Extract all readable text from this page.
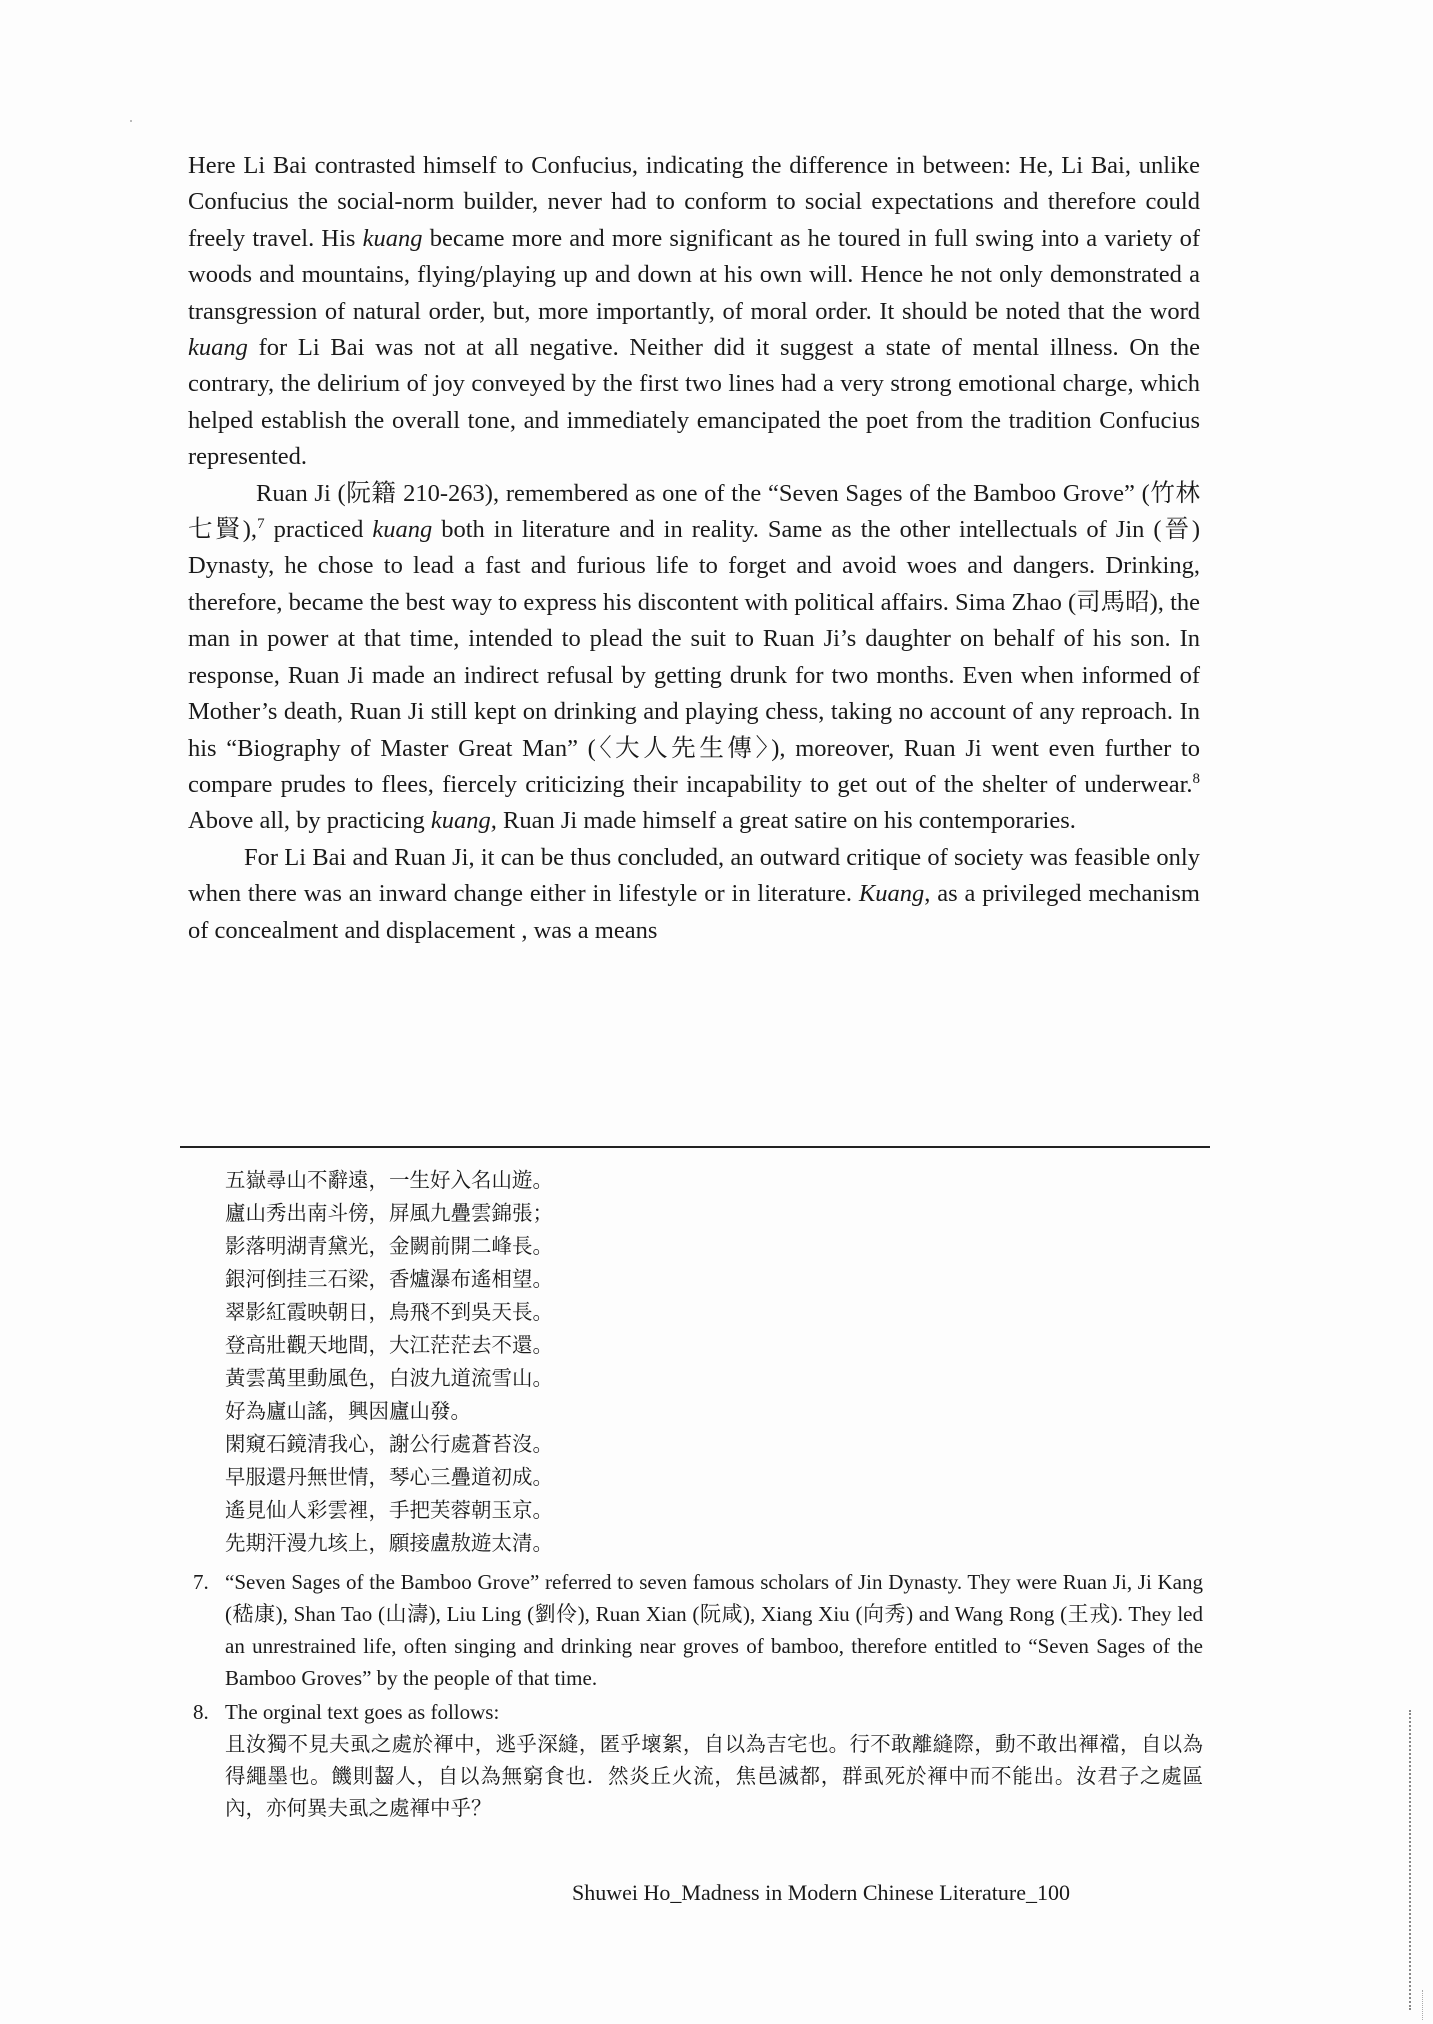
Here Li Bai contrasted himself to Confucius, indicating the difference in between: He, Li Bai, unlike Confucius the social-norm builder, never had to conform to social expectations and therefore could freely travel. His kuang became more and more significant as he toured in full swing into a variety of woods and mountains, flying/playing up and down at his own will. Hence he not only demonstrated a transgression of natural order, but, more importantly, of moral order. It should be noted that the word kuang for Li Bai was not at all negative. Neither did it suggest a state of mental illness. On the contrary, the delirium of joy conveyed by the first two lines had a very strong emotional charge, which helped establish the overall tone, and immediately emancipated the poet from the tradition Confucius represented.

Ruan Ji (阮籍 210-263), remembered as one of the “Seven Sages of the Bamboo Grove” (竹林七賢),$^7$ practiced kuang both in literature and in reality. Same as the other intellectuals of Jin (晉) Dynasty, he chose to lead a fast and furious life to forget and avoid woes and dangers. Drinking, therefore, became the best way to express his discontent with political affairs. Sima Zhao (司馬昭), the man in power at that time, intended to plead the suit to Ruan Ji’s daughter on behalf of his son. In response, Ruan Ji made an indirect refusal by getting drunk for two months. Even when informed of Mother’s death, Ruan Ji still kept on drinking and playing chess, taking no account of any reproach. In his “Biography of Master Great Man” (〈大人先生傳〉), moreover, Ruan Ji went even further to compare prudes to flees, fiercely criticizing their incapability to get out of the shelter of underwear.$^8$ Above all, by practicing kuang, Ruan Ji made himself a great satire on his contemporaries.

For Li Bai and Ruan Ji, it can be thus concluded, an outward critique of society was feasible only when there was an inward change either in lifestyle or in literature. Kuang, as a privileged mechanism of concealment and displacement , was a means

五嶽尋山不辭遠，一生好入名山遊。
廬山秀出南斗傍，屏風九疊雲錦張；
影落明湖青黛光，金闕前開二峰長。
銀河倒挂三石梁，香爐瀑布遙相望。
翠影紅霞映朝日，鳥飛不到吳天長。
登高壯觀天地間，大江茫茫去不還。
黃雲萬里動風色，白波九道流雪山。
好為廬山謠，興因廬山發。
閑窺石鏡清我心，謝公行處蒼苔沒。
早服還丹無世情，琴心三疊道初成。
遙見仙人彩雲裡，手把芙蓉朝玉京。
先期汗漫九垓上，願接盧敖遊太清。
7. “Seven Sages of the Bamboo Grove” referred to seven famous scholars of Jin Dynasty. They were Ruan Ji, Ji Kang (嵇康), Shan Tao (山濤), Liu Ling (劉伶), Ruan Xian (阮咸), Xiang Xiu (向秀) and Wang Rong (王戎). They led an unrestrained life, often singing and drinking near groves of bamboo, therefore entitled to “Seven Sages of the Bamboo Groves” by the people of that time.
8. The orginal text goes as follows:
且汝獨不見夫虱之處於褌中，逃乎深縫，匿乎壞絮，自以為吉宅也。行不敢離縫際，動不敢出褌襠，自以為得繩墨也。饑則齧人，自以為無窮食也．然炎丘火流，焦邑滅都，群虱死於褌中而不能出。汝君子之處區內，亦何異夫虱之處褌中乎？
Shuwei Ho_Madness in Modern Chinese Literature_100
